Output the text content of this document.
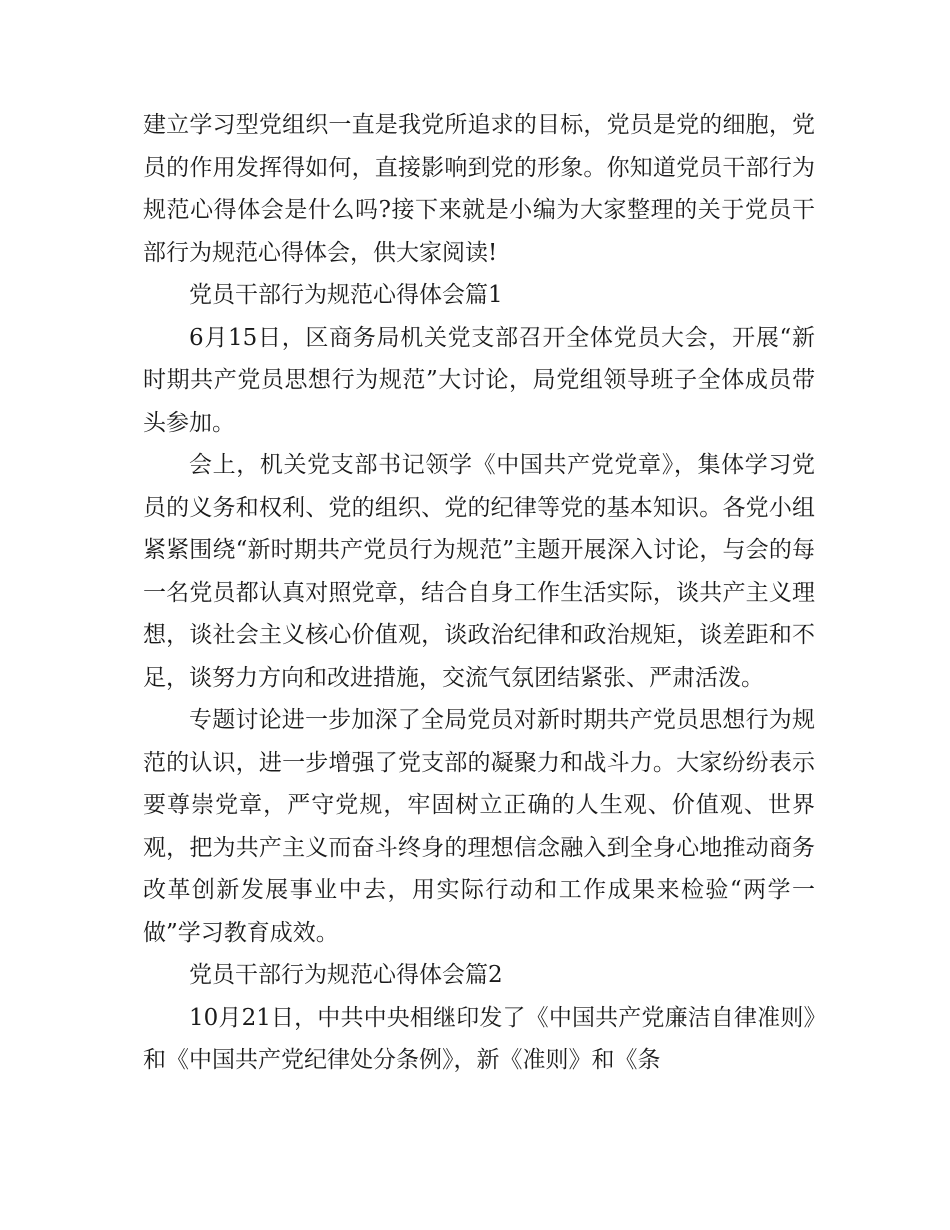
建立学习型党组织一直是我党所追求的目标，党员是党的细胞，党员的作用发挥得如何，直接影响到党的形象。你知道党员干部行为规范心得体会是什么吗?接下来就是小编为大家整理的关于党员干部行为规范心得体会，供大家阅读!

党员干部行为规范心得体会篇1

6月15日，区商务局机关党支部召开全体党员大会，开展“新时期共产党员思想行为规范”大讨论，局党组领导班子全体成员带头参加。

会上，机关党支部书记领学《中国共产党党章》，集体学习党员的义务和权利、党的组织、党的纪律等党的基本知识。各党小组紧紧围绕“新时期共产党员行为规范”主题开展深入讨论，与会的每一名党员都认真对照党章，结合自身工作生活实际，谈共产主义理想，谈社会主义核心价值观，谈政治纪律和政治规矩，谈差距和不足，谈努力方向和改进措施，交流气氛团结紧张、严肃活泼。

专题讨论进一步加深了全局党员对新时期共产党员思想行为规范的认识，进一步增强了党支部的凝聚力和战斗力。大家纷纷表示要尊崇党章，严守党规，牢固树立正确的人生观、价值观、世界观，把为共产主义而奋斗终身的理想信念融入到全身心地推动商务改革创新发展事业中去，用实际行动和工作成果来检验“两学一做”学习教育成效。

党员干部行为规范心得体会篇2

10月21日，中共中央相继印发了《中国共产党廉洁自律准则》和《中国共产党纪律处分条例》，新《准则》和《条
